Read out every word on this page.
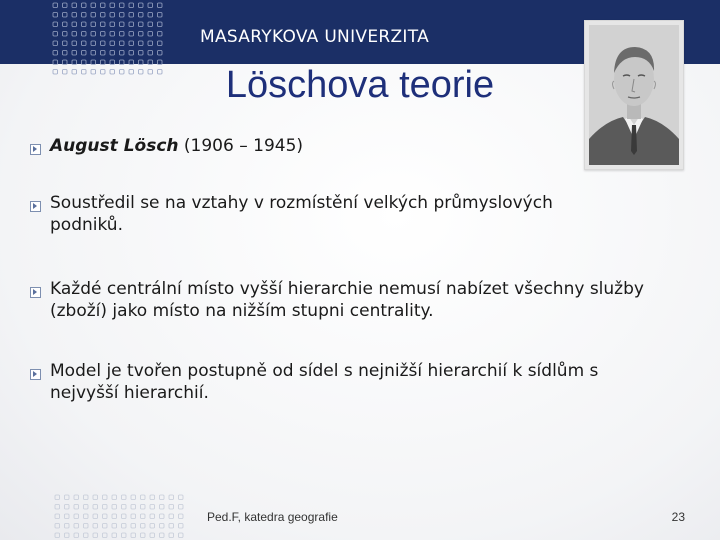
MASARYKOVA UNIVERZITA
Löschova teorie
August Lösch (1906 – 1945)
Soustředil se na vztahy v rozmístění velkých průmyslových podniků.
Každé centrální místo vyšší hierarchie nemusí nabízet všechny služby (zboží) jako místo na nižším stupni centrality.
Model je tvořen postupně od sídel s nejnižší hierarchií k sídlům s nejvyšší hierarchií.
Ped.F, katedra geografie	23
